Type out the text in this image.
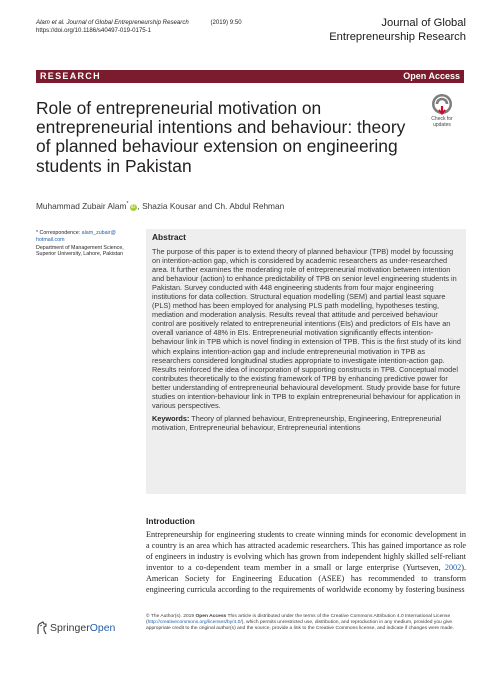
Alam et al. Journal of Global Entrepreneurship Research	(2019) 9:50
https://doi.org/10.1186/s40497-019-0175-1
Journal of Global
Entrepreneurship Research
RESEARCH	Open Access
Role of entrepreneurial motivation on entrepreneurial intentions and behaviour: theory of planned behaviour extension on engineering students in Pakistan
Check for
updates
Muhammad Zubair Alam* iD , Shazia Kousar and Ch. Abdul Rehman
* Correspondence: alam_zubair@
hotmail.com
Department of Management Science, Superior University, Lahore, Pakistan
Abstract

The purpose of this paper is to extend theory of planned behaviour (TPB) model by focussing on intention-action gap, which is considered by academic researchers as under-researched area. It further examines the moderating role of entrepreneurial motivation between intention and behaviour (action) to enhance predictability of TPB on senior level engineering students in Pakistan. Survey conducted with 448 engineering students from four major engineering institutions for data collection. Structural equation modelling (SEM) and partial least square (PLS) method has been employed for analysing PLS path modelling, hypotheses testing, mediation and moderation analysis. Results reveal that attitude and perceived behaviour control are positively related to entrepreneurial intentions (EIs) and predictors of EIs have an overall variance of 48% in EIs. Entrepreneurial motivation significantly effects intention-behaviour link in TPB which is novel finding in extension of TPB. This is the first study of its kind which explains intention-action gap and include entrepreneurial motivation in TPB as researchers considered longitudinal studies appropriate to investigate intention-action gap. Results reinforced the idea of incorporation of supporting constructs in TPB. Conceptual model contributes theoretically to the existing framework of TPB by enhancing predictive power for better understanding of entrepreneurial behavioural development. Study provide base for future studies on intention-behaviour link in TPB to explain entrepreneurial behaviour for application in various perspectives.

Keywords: Theory of planned behaviour, Entrepreneurship, Engineering, Entrepreneurial motivation, Entrepreneurial behaviour, Entrepreneurial intentions

Introduction

Entrepreneurship for engineering students to create winning minds for economic development in a country is an area which has attracted academic researchers. This has gained importance as role of engineers in industry is evolving which has grown from independent highly skilled self-reliant inventor to a co-dependent team member in a small or large enterprise (Yurtseven, 2002). American Society for Engineering Education (ASEE) has recommended to transform engineering curricula according to the requirements of worldwide economy by fostering business

SpringerOpen

© The Author(s). 2019 Open Access This article is distributed under the terms of the Creative Commons Attribution 4.0 International License (http://creativecommons.org/licenses/by/4.0/), which permits unrestricted use, distribution, and reproduction in any medium, provided you give appropriate credit to the original author(s) and the source, provide a link to the Creative Commons license, and indicate if changes were made.
